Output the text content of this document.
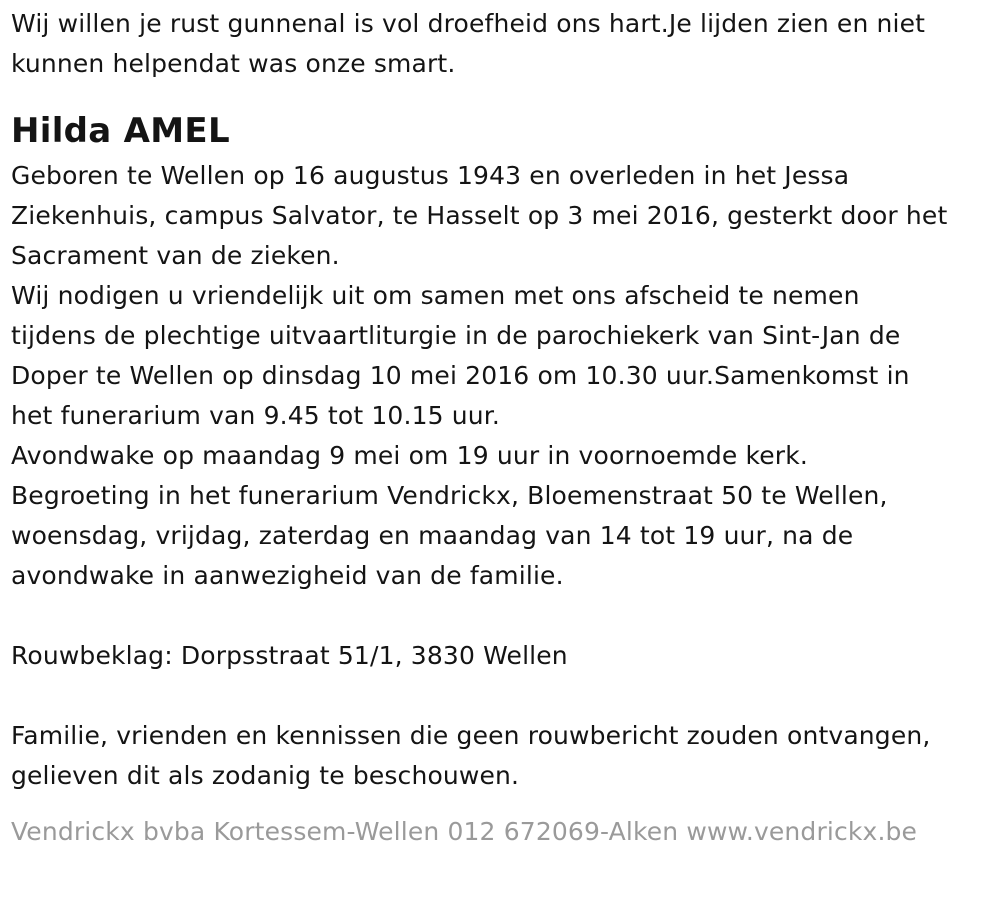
Wij willen je rust gunnenal is vol droefheid ons hart.Je lijden zien en niet
kunnen helpendat was onze smart.
Hilda AMEL
Geboren te Wellen op 16 augustus 1943 en overleden in het Jessa
Ziekenhuis, campus Salvator, te Hasselt op 3 mei 2016, gesterkt door het
Sacrament van de zieken.
Wij nodigen u vriendelijk uit om samen met ons afscheid te nemen
tijdens de plechtige uitvaartliturgie in de parochiekerk van Sint-Jan de
Doper te Wellen op dinsdag 10 mei 2016 om 10.30 uur.Samenkomst in
het funerarium van 9.45 tot 10.15 uur.
Avondwake op maandag 9 mei om 19 uur in voornoemde kerk.
Begroeting in het funerarium Vendrickx, Bloemenstraat 50 te Wellen,
woensdag, vrijdag, zaterdag en maandag van 14 tot 19 uur, na de
avondwake in aanwezigheid van de familie.
Rouwbeklag: Dorpsstraat 51/1, 3830 Wellen
Familie, vrienden en kennissen die geen rouwbericht zouden ontvangen,
gelieven dit als zodanig te beschouwen.
Vendrickx bvba Kortessem-Wellen 012 672069-Alken www.vendrickx.be
